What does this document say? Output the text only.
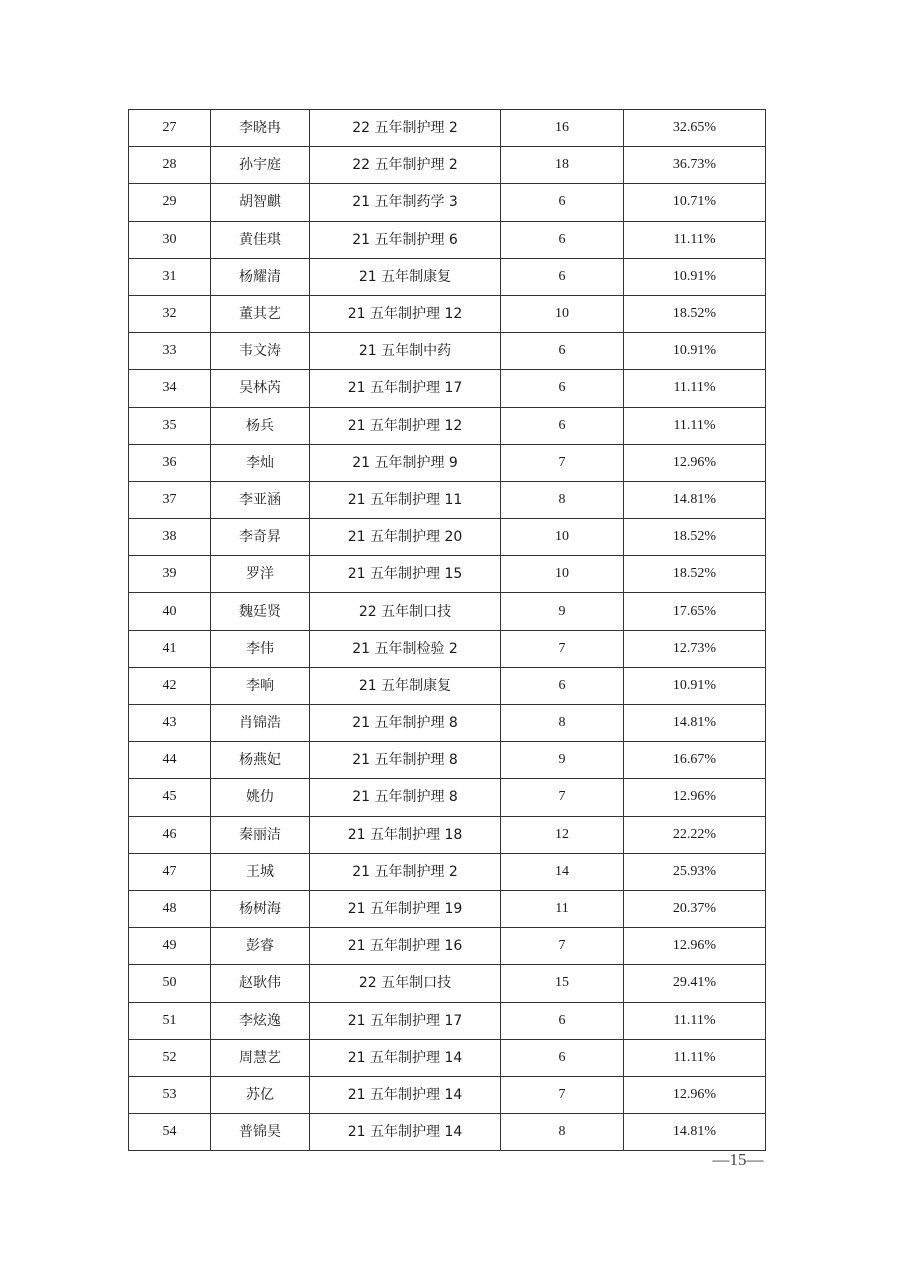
27	李晓冉	22 五年制护理 2	16	32.65%
28	孙宇庭	22 五年制护理 2	18	36.73%
29	胡智麒	21 五年制药学 3	6	10.71%
30	黄佳琪	21 五年制护理 6	6	11.11%
31	杨耀清	21 五年制康复	6	10.91%
32	董其艺	21 五年制护理 12	10	18.52%
33	韦文涛	21 五年制中药	6	10.91%
34	吴林芮	21 五年制护理 17	6	11.11%
35	杨兵	21 五年制护理 12	6	11.11%
36	李灿	21 五年制护理 9	7	12.96%
37	李亚涵	21 五年制护理 11	8	14.81%
38	李奇昇	21 五年制护理 20	10	18.52%
39	罗洋	21 五年制护理 15	10	18.52%
40	魏廷贤	22 五年制口技	9	17.65%
41	李伟	21 五年制检验 2	7	12.73%
42	李响	21 五年制康复	6	10.91%
43	肖锦浩	21 五年制护理 8	8	14.81%
44	杨燕妃	21 五年制护理 8	9	16.67%
45	姚仂	21 五年制护理 8	7	12.96%
46	秦丽洁	21 五年制护理 18	12	22.22%
47	王城	21 五年制护理 2	14	25.93%
48	杨树海	21 五年制护理 19	11	20.37%
49	彭睿	21 五年制护理 16	7	12.96%
50	赵耿伟	22 五年制口技	15	29.41%
51	李炫逸	21 五年制护理 17	6	11.11%
52	周慧艺	21 五年制护理 14	6	11.11%
53	苏亿	21 五年制护理 14	7	12.96%
54	普锦昊	21 五年制护理 14	8	14.81%
—15—
